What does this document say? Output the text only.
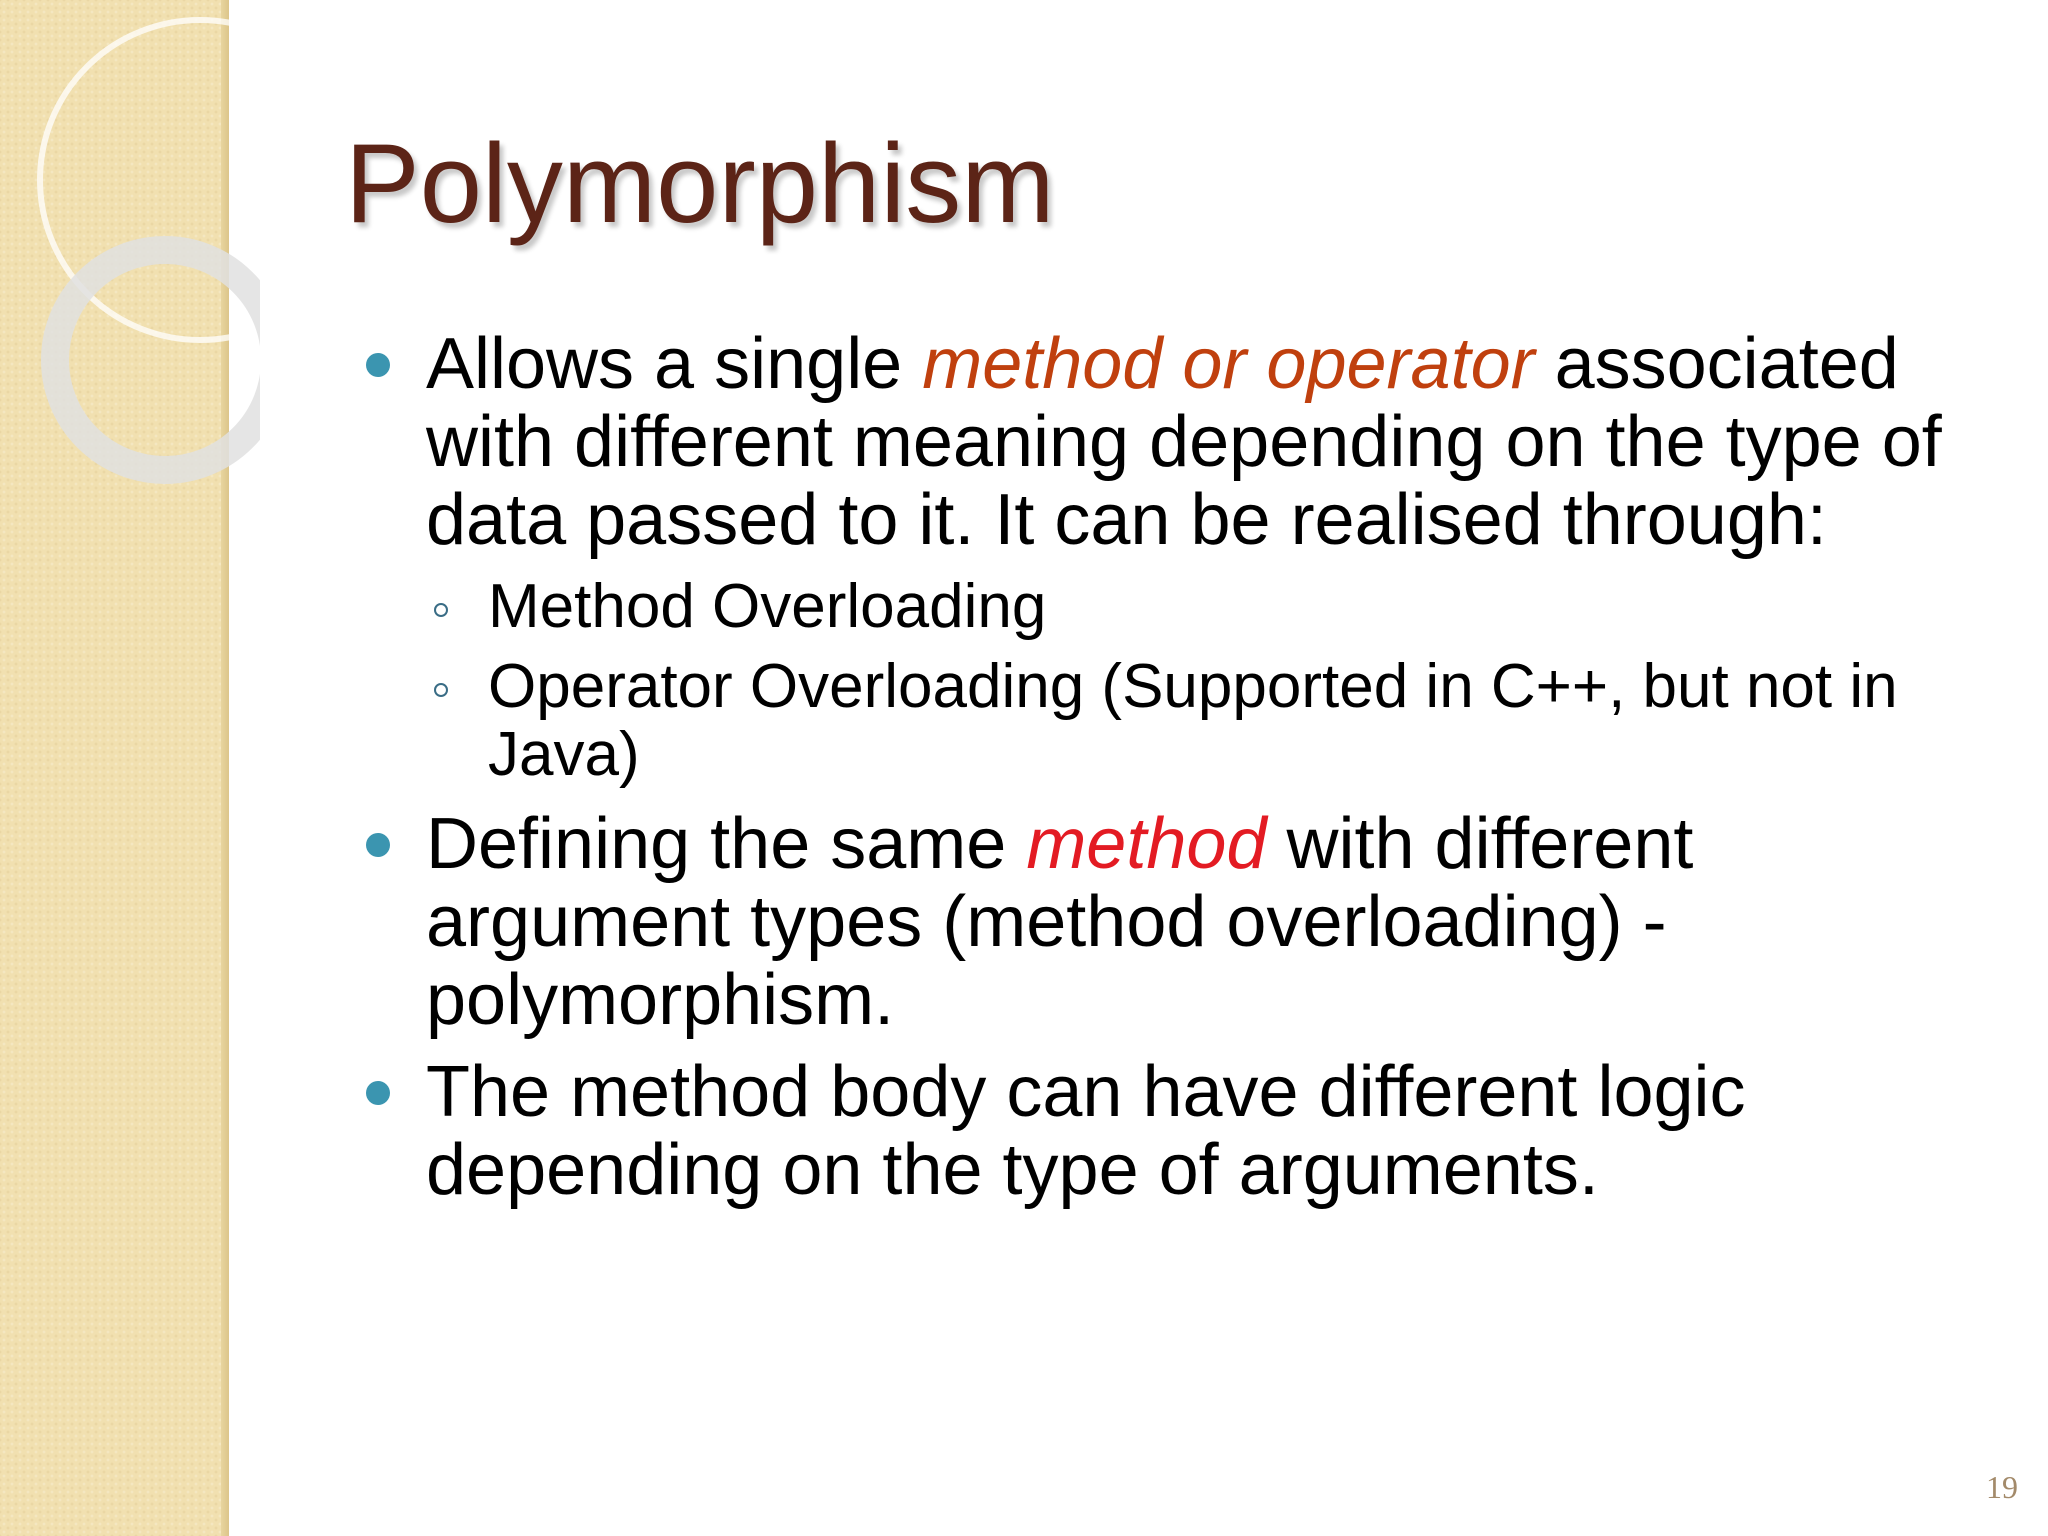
Polymorphism
Allows a single method or operator associated with different meaning depending on the type of data passed to it. It can be realised through:
Method Overloading
Operator Overloading (Supported in C++, but not in Java)
Defining the same method with different argument types (method overloading) - polymorphism.
The method body can have different logic depending on the type of arguments.
19
